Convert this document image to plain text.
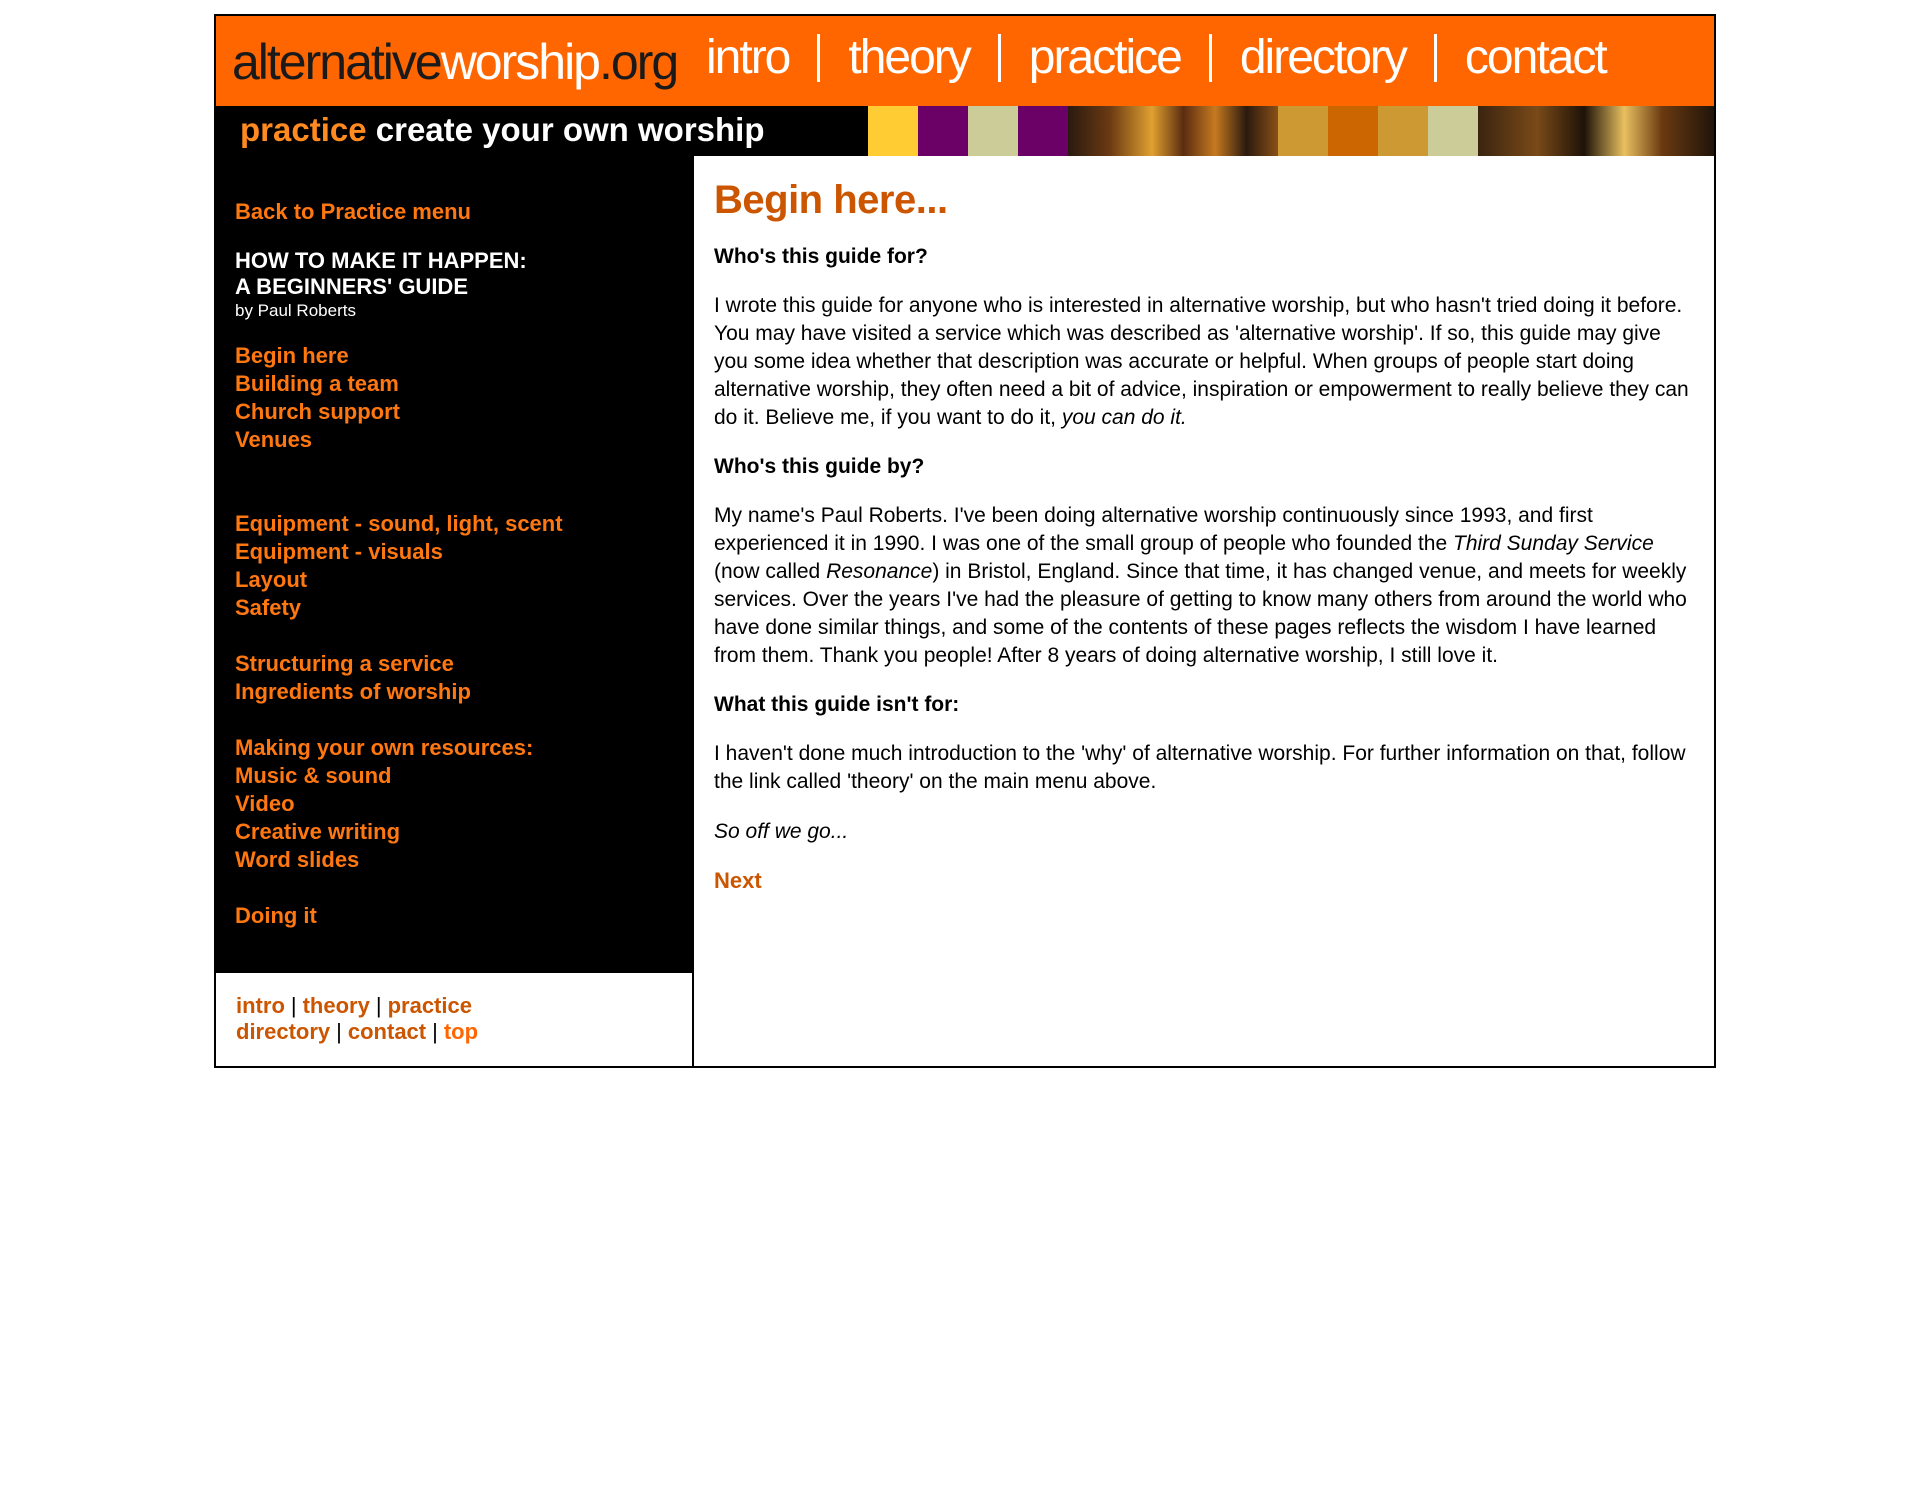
alternativeworship.org intro theory practice directory contact
practice create your own worship
Back to Practice menu
HOW TO MAKE IT HAPPEN:
A BEGINNERS' GUIDE
by Paul Roberts
Begin here
Building a team
Church support
Venues
Equipment - sound, light, scent
Equipment - visuals
Layout
Safety
Structuring a service
Ingredients of worship
Making your own resources:
Music & sound
Video
Creative writing
Word slides
Doing it
intro | theory | practice
directory | contact | top
Begin here...
Who's this guide for?

I wrote this guide for anyone who is interested in alternative worship, but who hasn't tried doing it before. You may have visited a service which was described as 'alternative worship'. If so, this guide may give you some idea whether that description was accurate or helpful. When groups of people start doing alternative worship, they often need a bit of advice, inspiration or empowerment to really believe they can do it. Believe me, if you want to do it, you can do it.

Who's this guide by?

My name's Paul Roberts. I've been doing alternative worship continuously since 1993, and first experienced it in 1990. I was one of the small group of people who founded the Third Sunday Service (now called Resonance) in Bristol, England. Since that time, it has changed venue, and meets for weekly services. Over the years I've had the pleasure of getting to know many others from around the world who have done similar things, and some of the contents of these pages reflects the wisdom I have learned from them. Thank you people! After 8 years of doing alternative worship, I still love it.

What this guide isn't for:

I haven't done much introduction to the 'why' of alternative worship. For further information on that, follow the link called 'theory' on the main menu above.

So off we go...

Next
